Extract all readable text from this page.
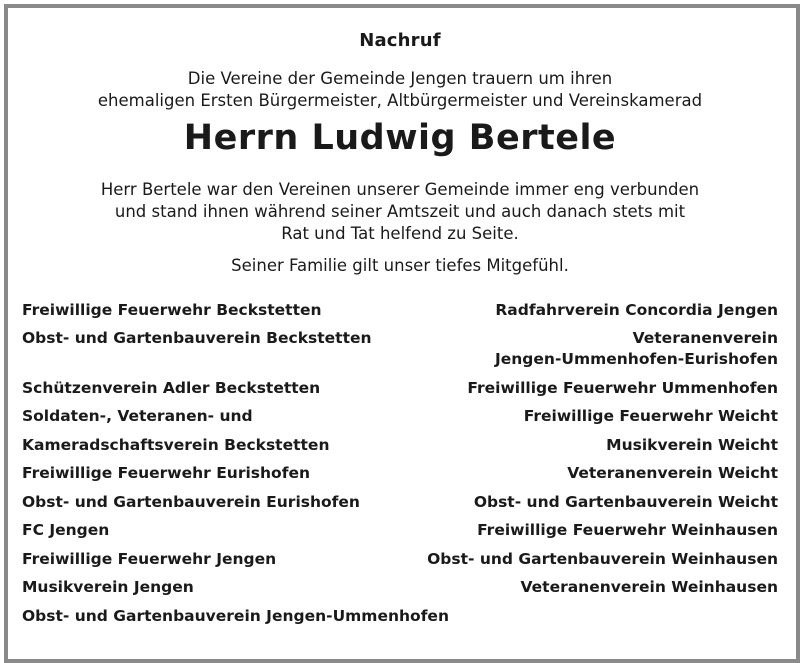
Nachruf
Die Vereine der Gemeinde Jengen trauern um ihren
ehemaligen Ersten Bürgermeister, Altbürgermeister und Vereinskamerad
Herrn Ludwig Bertele
Herr Bertele war den Vereinen unserer Gemeinde immer eng verbunden
und stand ihnen während seiner Amtszeit und auch danach stets mit
Rat und Tat helfend zu Seite.
Seiner Familie gilt unser tiefes Mitgefühl.
Freiwillige Feuerwehr Beckstetten
Obst- und Gartenbauverein Beckstetten
Schützenverein Adler Beckstetten
Soldaten-, Veteranen- und
Kameradschaftsverein Beckstetten
Freiwillige Feuerwehr Eurishofen
Obst- und Gartenbauverein Eurishofen
FC Jengen
Freiwillige Feuerwehr Jengen
Musikverein Jengen
Obst- und Gartenbauverein Jengen-Ummenhofen
Radfahrverein Concordia Jengen
Veteranenverein
Jengen-Ummenhofen-Eurishofen
Freiwillige Feuerwehr Ummenhofen
Freiwillige Feuerwehr Weicht
Musikverein Weicht
Veteranenverein Weicht
Obst- und Gartenbauverein Weicht
Freiwillige Feuerwehr Weinhausen
Obst- und Gartenbauverein Weinhausen
Veteranenverein Weinhausen
